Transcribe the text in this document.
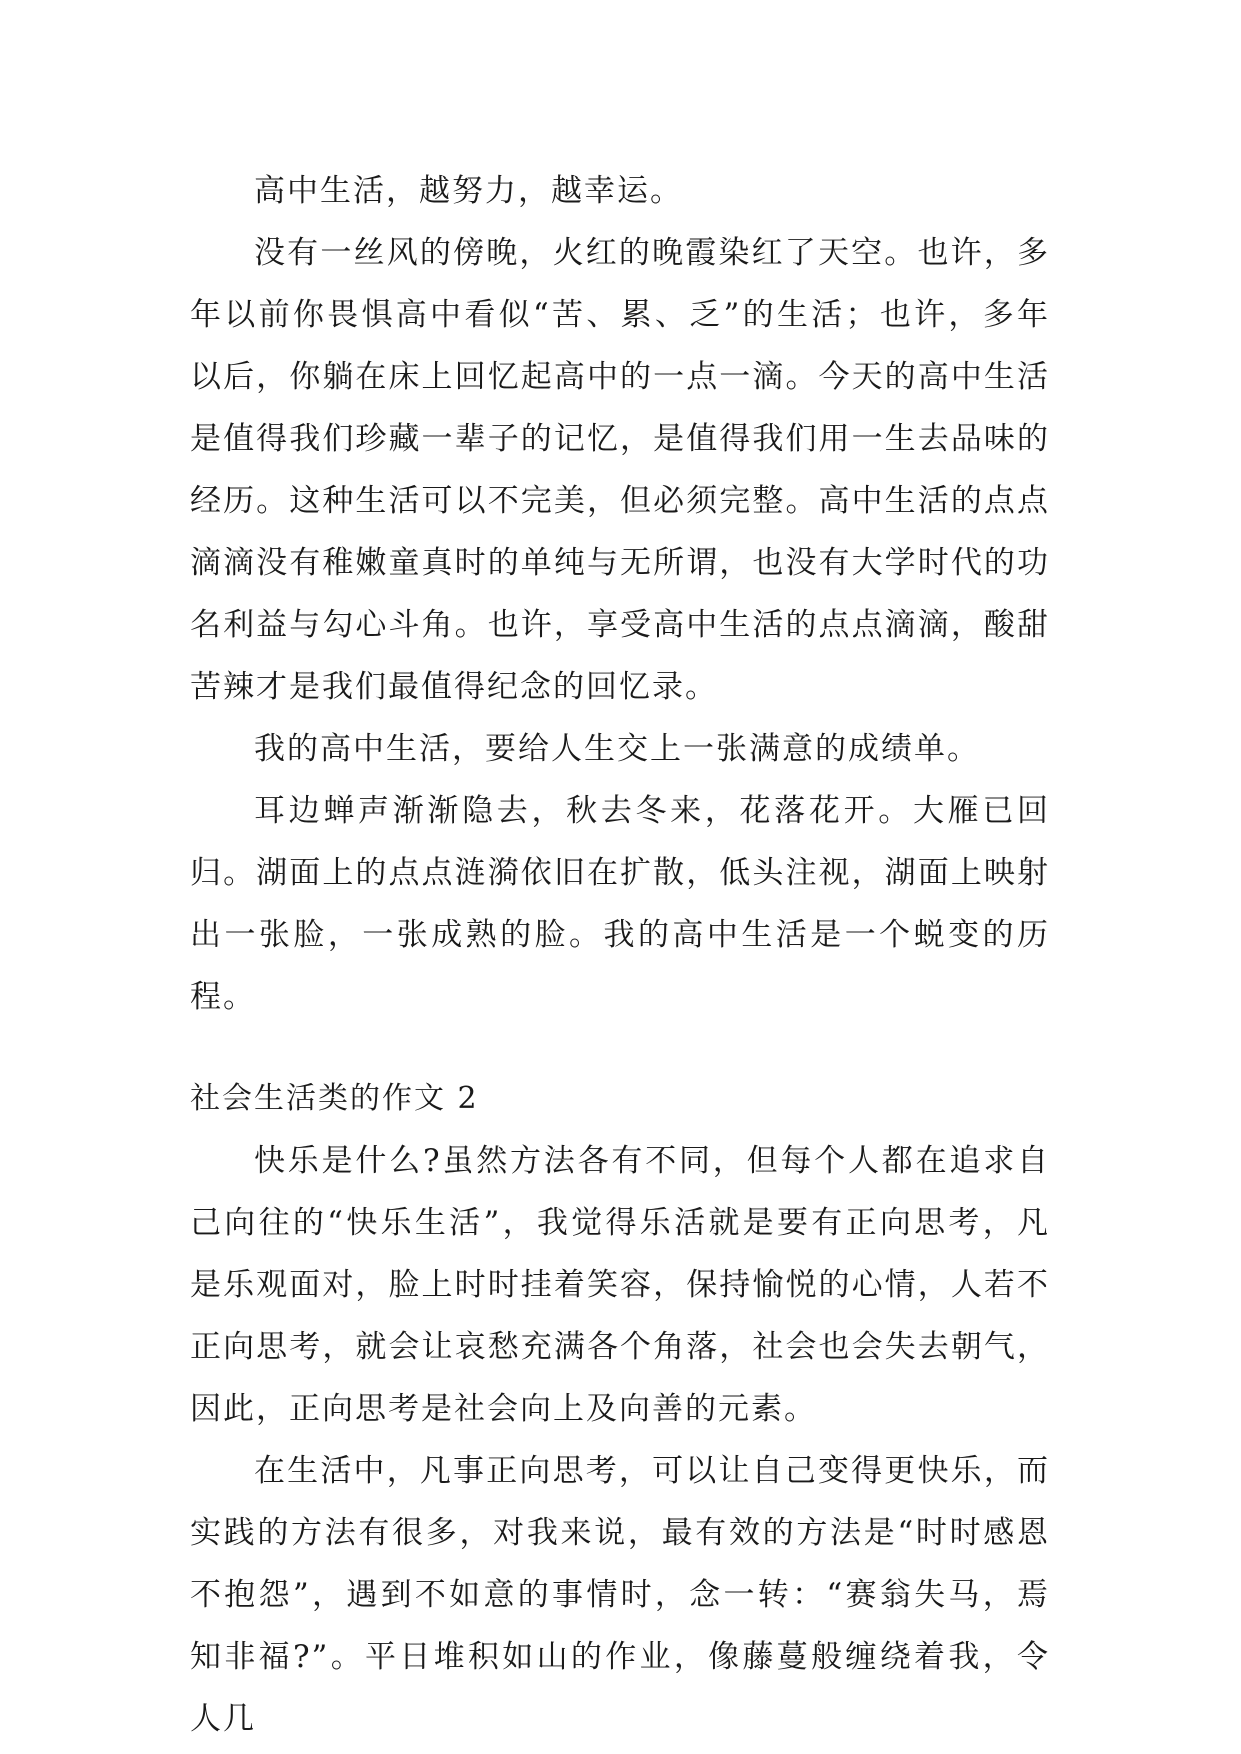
高中生活，越努力，越幸运。

没有一丝风的傍晚，火红的晚霞染红了天空。也许，多年以前你畏惧高中看似“苦、累、乏”的生活；也许，多年以后，你躺在床上回忆起高中的一点一滴。今天的高中生活是值得我们珍藏一辈子的记忆，是值得我们用一生去品味的经历。这种生活可以不完美，但必须完整。高中生活的点点滴滴没有稚嫩童真时的单纯与无所谓，也没有大学时代的功名利益与勾心斗角。也许，享受高中生活的点点滴滴，酸甜苦辣才是我们最值得纪念的回忆录。

我的高中生活，要给人生交上一张满意的成绩单。

耳边蝉声渐渐隐去，秋去冬来，花落花开。大雁已回归。湖面上的点点涟漪依旧在扩散，低头注视，湖面上映射出一张脸，一张成熟的脸。我的高中生活是一个蜕变的历程。

社会生活类的作文 2

快乐是什么?虽然方法各有不同，但每个人都在追求自己向往的“快乐生活”，我觉得乐活就是要有正向思考，凡是乐观面对，脸上时时挂着笑容，保持愉悦的心情，人若不正向思考，就会让哀愁充满各个角落，社会也会失去朝气，因此，正向思考是社会向上及向善的元素。

在生活中，凡事正向思考，可以让自己变得更快乐，而实践的方法有很多，对我来说，最有效的方法是“时时感恩不抱怨”，遇到不如意的事情时，念一转：“赛翁失马，焉知非福?”。平日堆积如山的作业，像藤蔓般缠绕着我，令人几
